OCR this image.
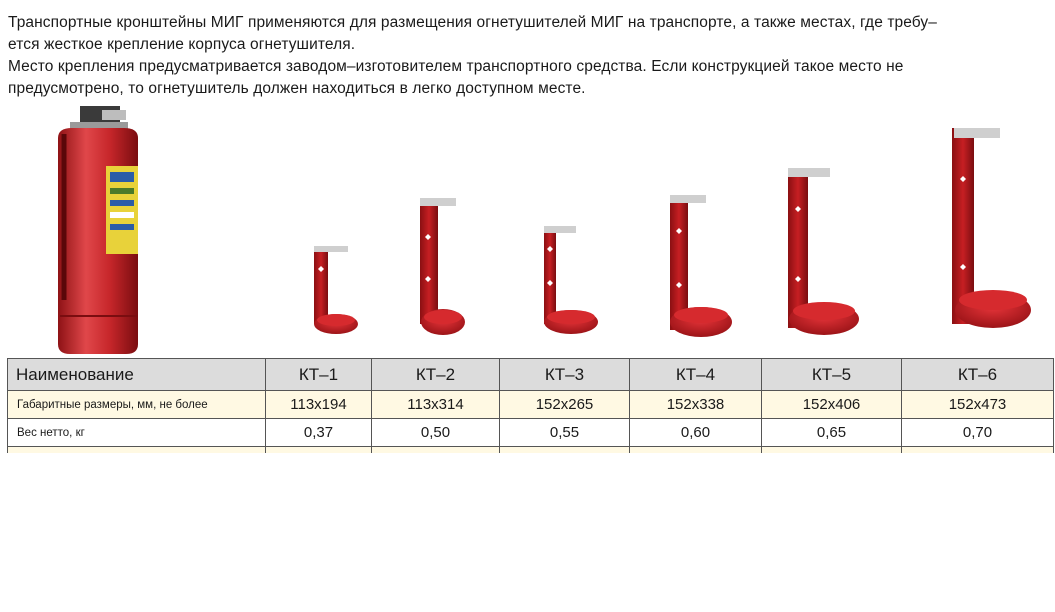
Транспортные кронштейны МИГ применяются для размещения огнетушителей МИГ на транспорте, а также местах, где требу–

ется жесткое крепление корпуса огнетушителя.

Место крепления предусматривается заводом–изготовителем транспортного средства. Если конструкцией такое место не

предусмотрено, то огнетушитель должен находиться в легко доступном месте.

Наименование	КТ–1	КТ–2	КТ–3	КТ–4	КТ–5	КТ–6
Габаритные размеры, мм, не более	113х194	113х314	152х265	152х338	152х406	152х473
Вес нетто, кг	0,37	0,50	0,55	0,60	0,65	0,70
